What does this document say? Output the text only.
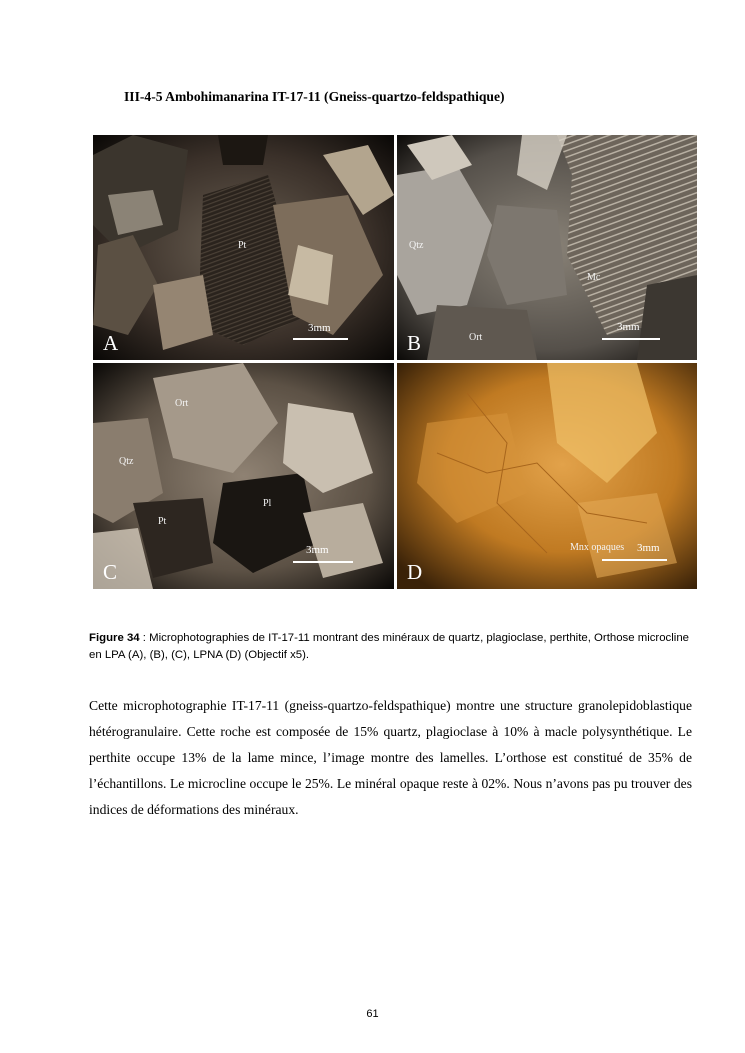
III-4-5 Ambohimanarina IT-17-11 (Gneiss-quartzo-feldspathique)
A
Pt
3mm
B
Qtz
Mc
Ort
3mm
C
Ort
Qtz
Pl
Pt
3mm
D
Mnx opaques 3mm
Figure 34 : Microphotographies de IT-17-11 montrant des minéraux de quartz, plagioclase, perthite, Orthose microcline en LPA (A), (B), (C), LPNA (D) (Objectif x5).

Cette microphotographie IT-17-11 (gneiss-quartzo-feldspathique) montre une structure granolepidoblastique hétérogranulaire. Cette roche est composée de 15% quartz, plagioclase à 10% à macle polysynthétique. Le perthite occupe 13% de la lame mince, l’image montre des lamelles. L’orthose est constitué de 35% de l’échantillons. Le microcline occupe le 25%. Le minéral opaque reste à 02%. Nous n’avons pas pu trouver des indices de déformations des minéraux.

61
